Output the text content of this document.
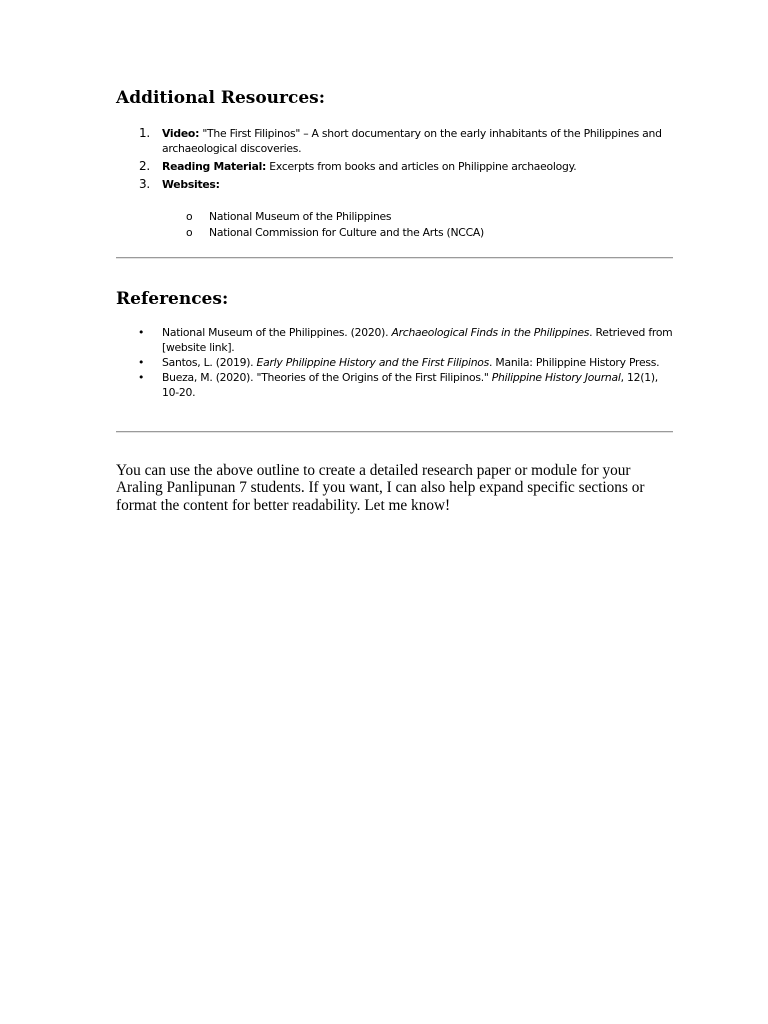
Additional Resources:
1.	Video: "The First Filipinos" – A short documentary on the early inhabitants of the Philippines and archaeological discoveries.
2.	Reading Material: Excerpts from books and articles on Philippine archaeology.
3.	Websites:
o National Museum of the Philippines
o National Commission for Culture and the Arts (NCCA)
References:
• National Museum of the Philippines. (2020). Archaeological Finds in the Philippines. Retrieved from [website link].
• Santos, L. (2019). Early Philippine History and the First Filipinos. Manila: Philippine History Press.
• Bueza, M. (2020). "Theories of the Origins of the First Filipinos." Philippine History Journal, 12(1), 10-20.

You can use the above outline to create a detailed research paper or module for your Araling Panlipunan 7 students. If you want, I can also help expand specific sections or format the content for better readability. Let me know!
